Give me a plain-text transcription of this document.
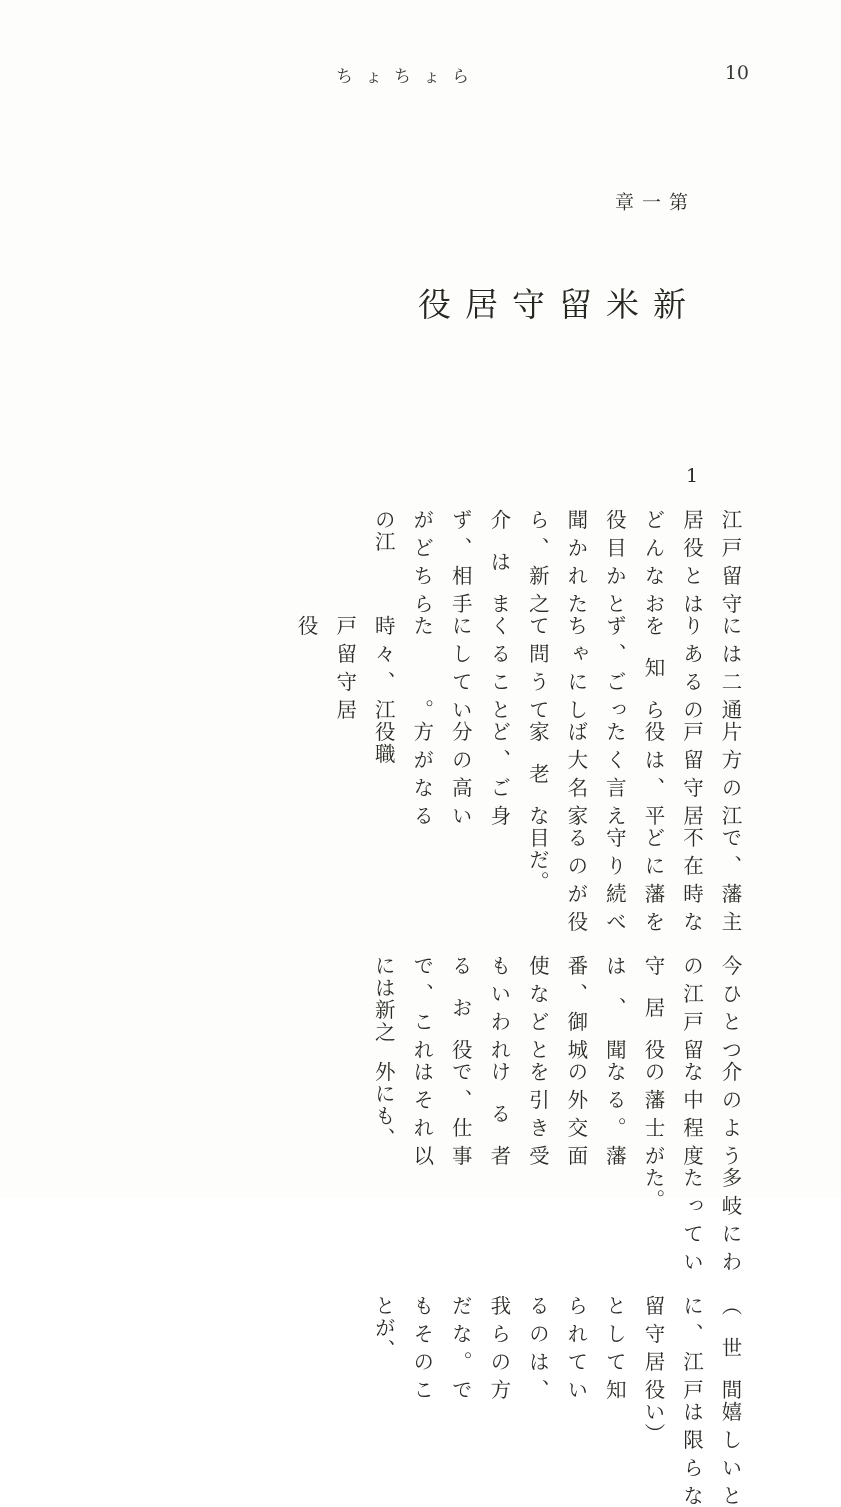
ちょちょら	10
第一章
新米留守居役
1
江戸留守居役とはどんなお役目かと聞かれたら、新之介はまず、相手がどちらの江
には二通りあるのを知らず、ごっちゃにして問うてくることにしていた。時々、江戸留守居役
片方の江戸留守居役は、平たく言えば大名家家老など、ご身分の高い方がなる役職
で、藩主不在時などに藩を守り続べるのが役目だ。
今ひとつの江戸留守居役は、聞番、御城使などともいわれるお役で、これには新之
介のような中程度の藩士がなる。藩の外交面を引き受ける者で、仕事はそれ以外にも、
多岐にわたっていた。
（世間に、江戸留守居役として知られているのは、我らの方だな。でもそのことが、
嬉しいとは限らない）
